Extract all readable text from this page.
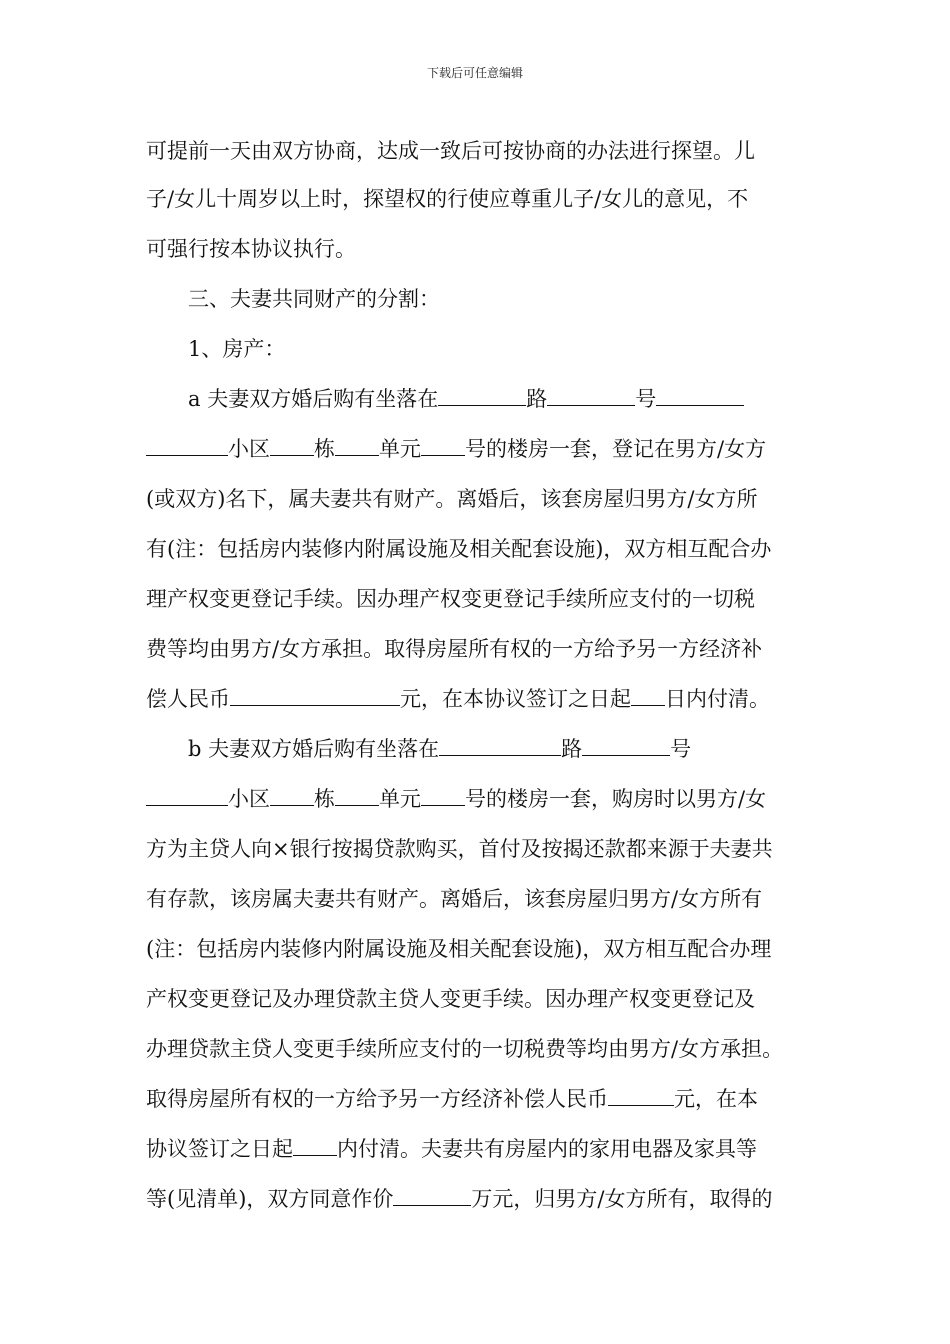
下载后可任意编辑
可提前一天由双方协商，达成一致后可按协商的办法进行探望。儿
子/女儿十周岁以上时，探望权的行使应尊重儿子/女儿的意见，不
可强行按本协议执行。
三、夫妻共同财产的分割：
1、房产：
a 夫妻双方婚后购有坐落在	路	号
小区 栋 单元 号的楼房一套，登记在男方/女方
(或双方)名下，属夫妻共有财产。离婚后，该套房屋归男方/女方所
有(注：包括房内装修内附属设施及相关配套设施)，双方相互配合办
理产权变更登记手续。因办理产权变更登记手续所应支付的一切税
费等均由男方/女方承担。取得房屋所有权的一方给予另一方经济补
偿人民币	元，在本协议签订之日起 日内付清。
b 夫妻双方婚后购有坐落在	路	号
小区 栋 单元 号的楼房一套，购房时以男方/女
方为主贷人向×银行按揭贷款购买，首付及按揭还款都来源于夫妻共
有存款，该房属夫妻共有财产。离婚后，该套房屋归男方/女方所有
(注：包括房内装修内附属设施及相关配套设施)，双方相互配合办理
产权变更登记及办理贷款主贷人变更手续。因办理产权变更登记及
办理贷款主贷人变更手续所应支付的一切税费等均由男方/女方承担。
取得房屋所有权的一方给予另一方经济补偿人民币	元，在本
协议签订之日起 内付清。夫妻共有房屋内的家用电器及家具等
等(见清单)，双方同意作价	万元，归男方/女方所有，取得的
